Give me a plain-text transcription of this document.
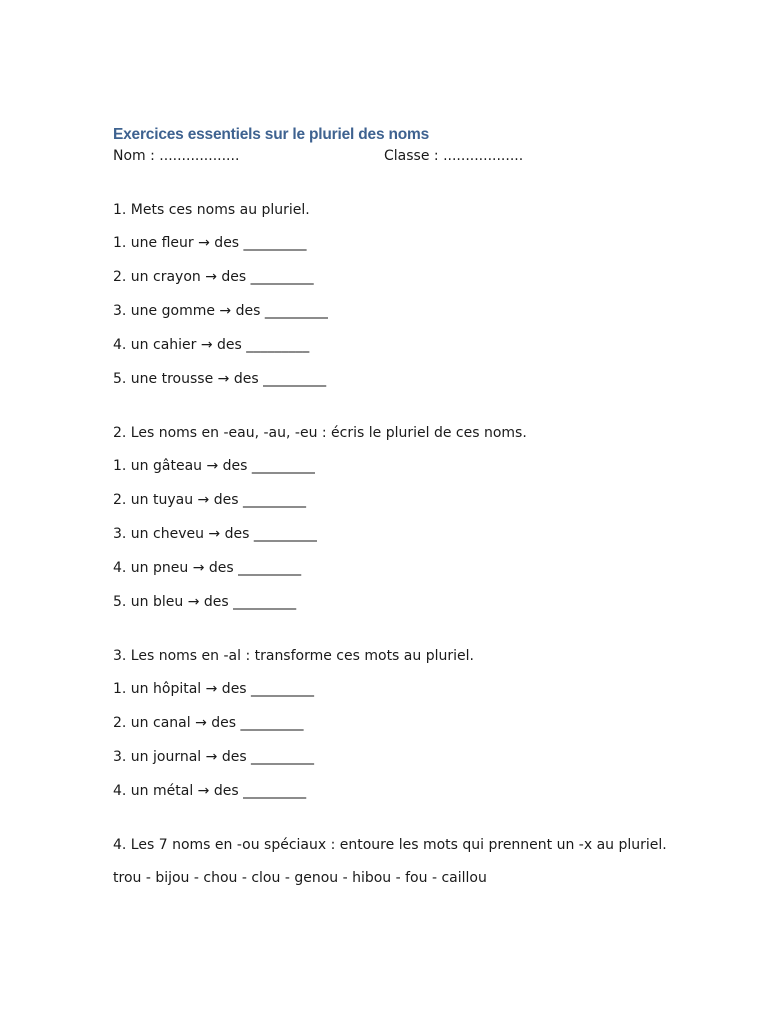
Exercices essentiels sur le pluriel des noms
Nom : ..................	Classe : ..................

1. Mets ces noms au pluriel.

1. une fleur → des _________
2. un crayon → des _________
3. une gomme → des _________
4. un cahier → des _________
5. une trousse → des _________

2. Les noms en -eau, -au, -eu : écris le pluriel de ces noms.

1. un gâteau → des _________
2. un tuyau → des _________
3. un cheveu → des _________
4. un pneu → des _________
5. un bleu → des _________

3. Les noms en -al : transforme ces mots au pluriel.

1. un hôpital → des _________
2. un canal → des _________
3. un journal → des _________
4. un métal → des _________

4. Les 7 noms en -ou spéciaux : entoure les mots qui prennent un -x au pluriel.

trou - bijou - chou - clou - genou - hibou - fou - caillou
